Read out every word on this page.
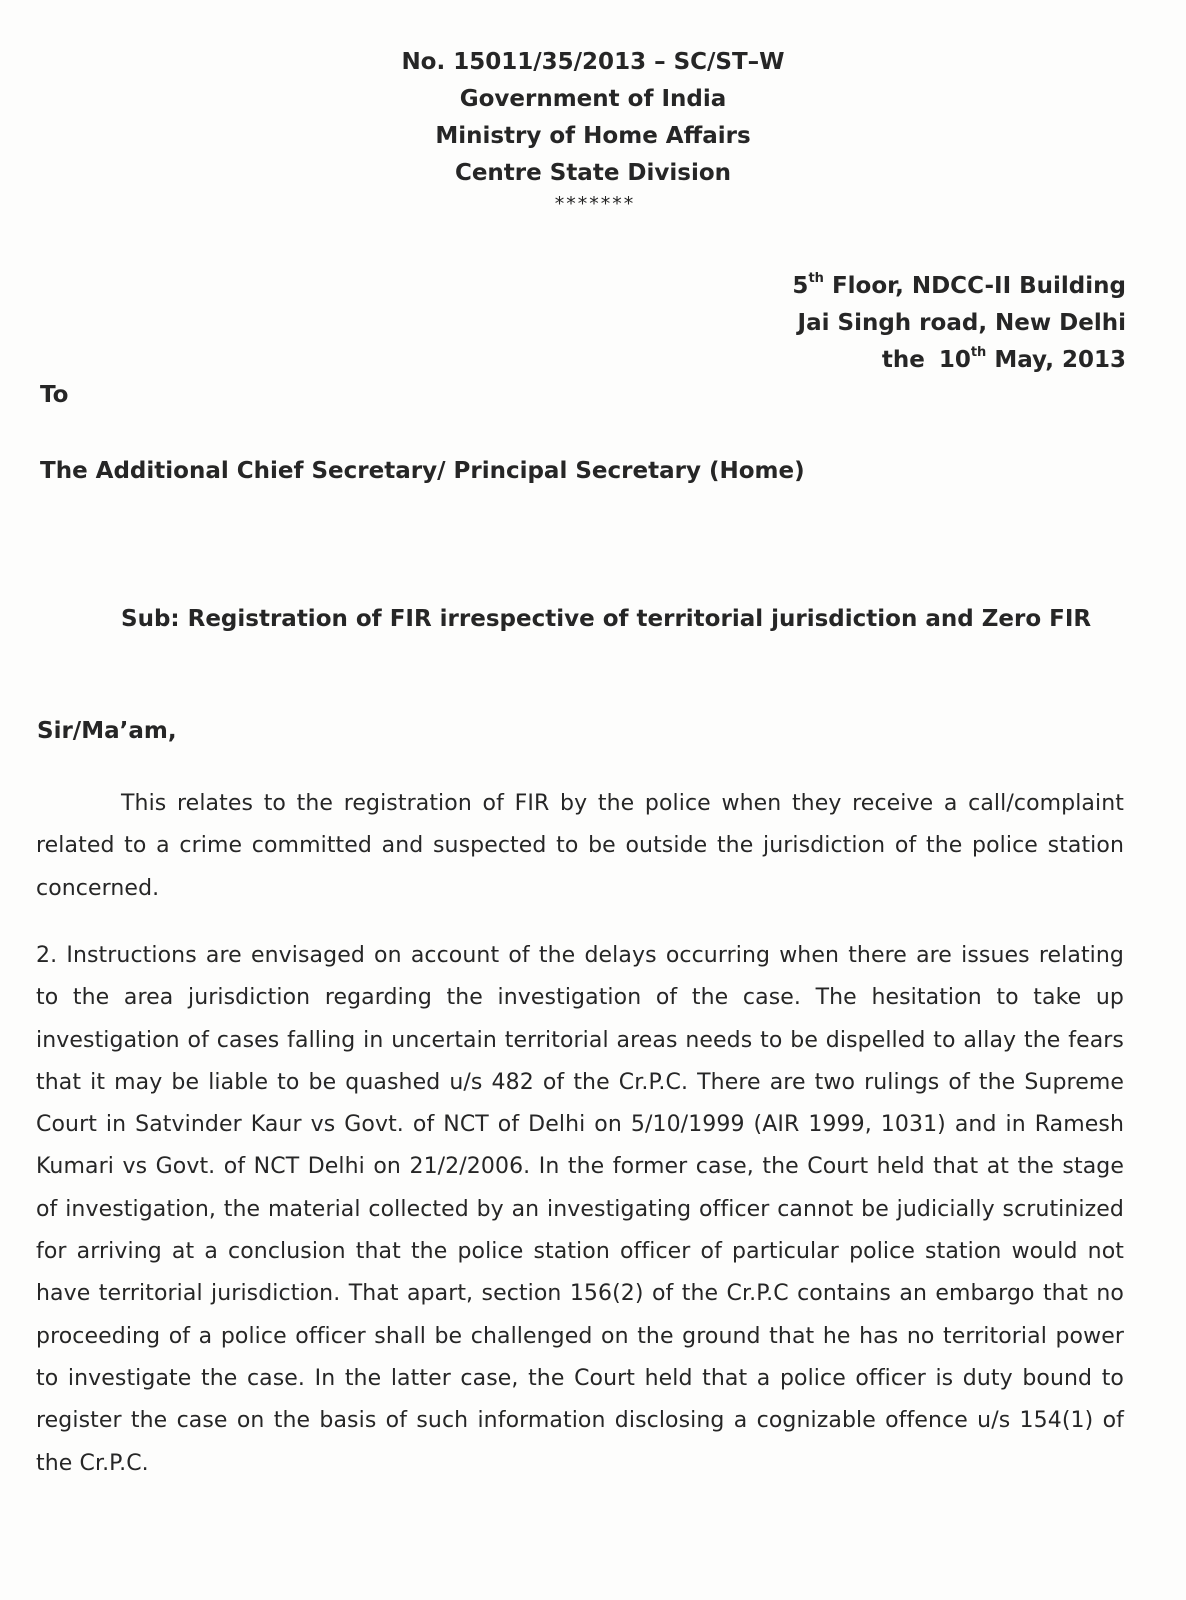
No. 15011/35/2013 – SC/ST–W
Government of India
Ministry of Home Affairs
Centre State Division
*******
5th Floor, NDCC-II Building
Jai Singh road, New Delhi
the 10th May, 2013
To
The Additional Chief Secretary/ Principal Secretary (Home)
Sub: Registration of FIR irrespective of territorial jurisdiction and Zero FIR
Sir/Ma’am,
This relates to the registration of FIR by the police when they receive a call/complaint related to a crime committed and suspected to be outside the jurisdiction of the police station concerned.
2. Instructions are envisaged on account of the delays occurring when there are issues relating to the area jurisdiction regarding the investigation of the case. The hesitation to take up investigation of cases falling in uncertain territorial areas needs to be dispelled to allay the fears that it may be liable to be quashed u/s 482 of the Cr.P.C. There are two rulings of the Supreme Court in Satvinder Kaur vs Govt. of NCT of Delhi on 5/10/1999 (AIR 1999, 1031) and in Ramesh Kumari vs Govt. of NCT Delhi on 21/2/2006. In the former case, the Court held that at the stage of investigation, the material collected by an investigating officer cannot be judicially scrutinized for arriving at a conclusion that the police station officer of particular police station would not have territorial jurisdiction. That apart, section 156(2) of the Cr.P.C contains an embargo that no proceeding of a police officer shall be challenged on the ground that he has no territorial power to investigate the case. In the latter case, the Court held that a police officer is duty bound to register the case on the basis of such information disclosing a cognizable offence u/s 154(1) of the Cr.P.C.
